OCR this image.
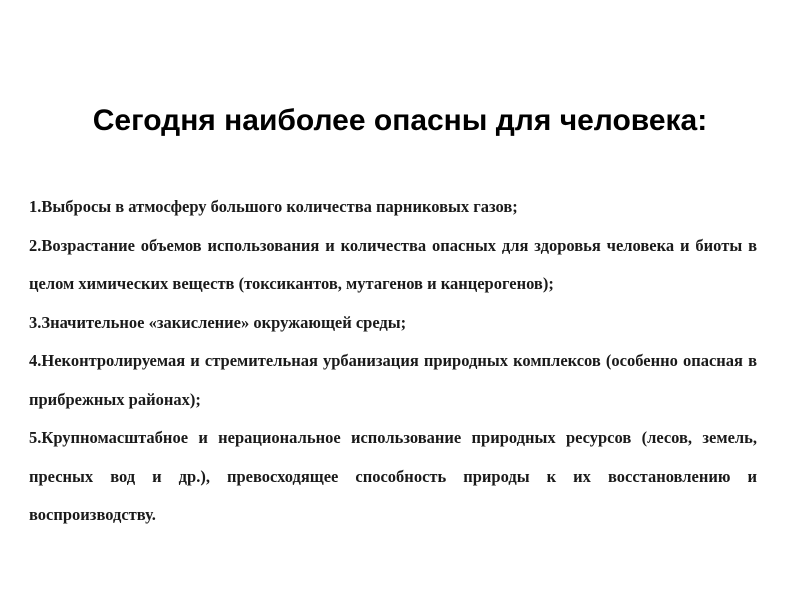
Сегодня наиболее опасны для человека:

1.Выбросы в атмосферу большого количества парниковых газов;

2.Возрастание объемов использования и количества опасных для здоровья человека и биоты в целом химических веществ (токсикантов, мутагенов и канцерогенов);

3.Значительное «закисление» окружающей среды;

4.Неконтролируемая и стремительная урбанизация природных комплексов (особенно опасная в прибрежных районах);

5.Крупномасштабное и нерациональное использование природных ресурсов (лесов, земель, пресных вод и др.), превосходящее способность природы к их восстановлению и воспроизводству.
